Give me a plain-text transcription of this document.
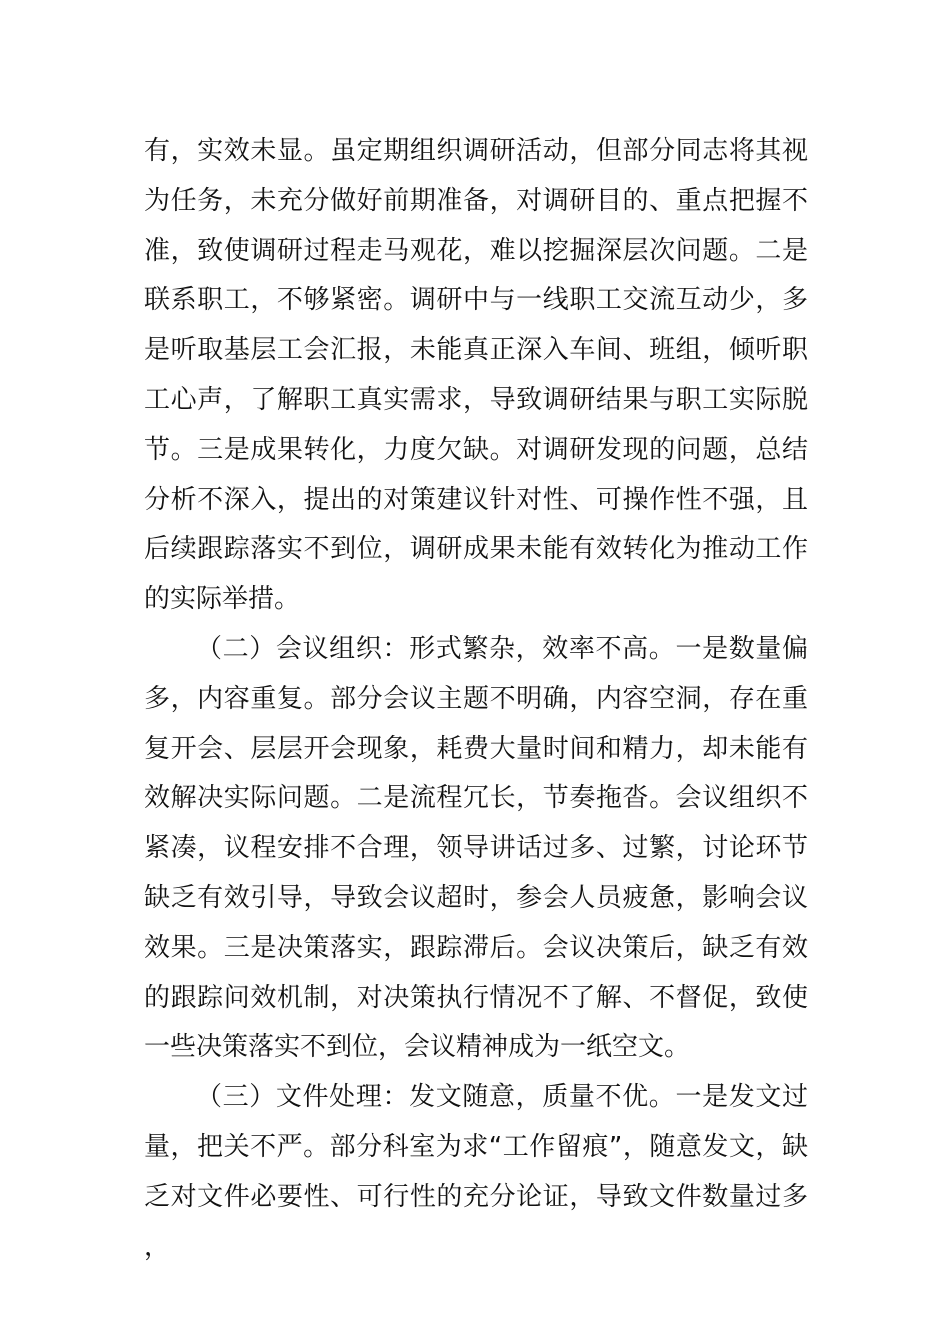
有，实效未显。虽定期组织调研活动，但部分同志将其视为任务，未充分做好前期准备，对调研目的、重点把握不准，致使调研过程走马观花，难以挖掘深层次问题。二是联系职工，不够紧密。调研中与一线职工交流互动少，多是听取基层工会汇报，未能真正深入车间、班组，倾听职工心声，了解职工真实需求，导致调研结果与职工实际脱节。三是成果转化，力度欠缺。对调研发现的问题，总结分析不深入，提出的对策建议针对性、可操作性不强，且后续跟踪落实不到位，调研成果未能有效转化为推动工作的实际举措。

（二）会议组织：形式繁杂，效率不高。一是数量偏多，内容重复。部分会议主题不明确，内容空洞，存在重复开会、层层开会现象，耗费大量时间和精力，却未能有效解决实际问题。二是流程冗长，节奏拖沓。会议组织不紧凑，议程安排不合理，领导讲话过多、过繁，讨论环节缺乏有效引导，导致会议超时，参会人员疲惫，影响会议效果。三是决策落实，跟踪滞后。会议决策后，缺乏有效的跟踪问效机制，对决策执行情况不了解、不督促，致使一些决策落实不到位，会议精神成为一纸空文。

（三）文件处理：发文随意，质量不优。一是发文过量，把关不严。部分科室为求“工作留痕”，随意发文，缺乏对文件必要性、可行性的充分论证，导致文件数量过多，
